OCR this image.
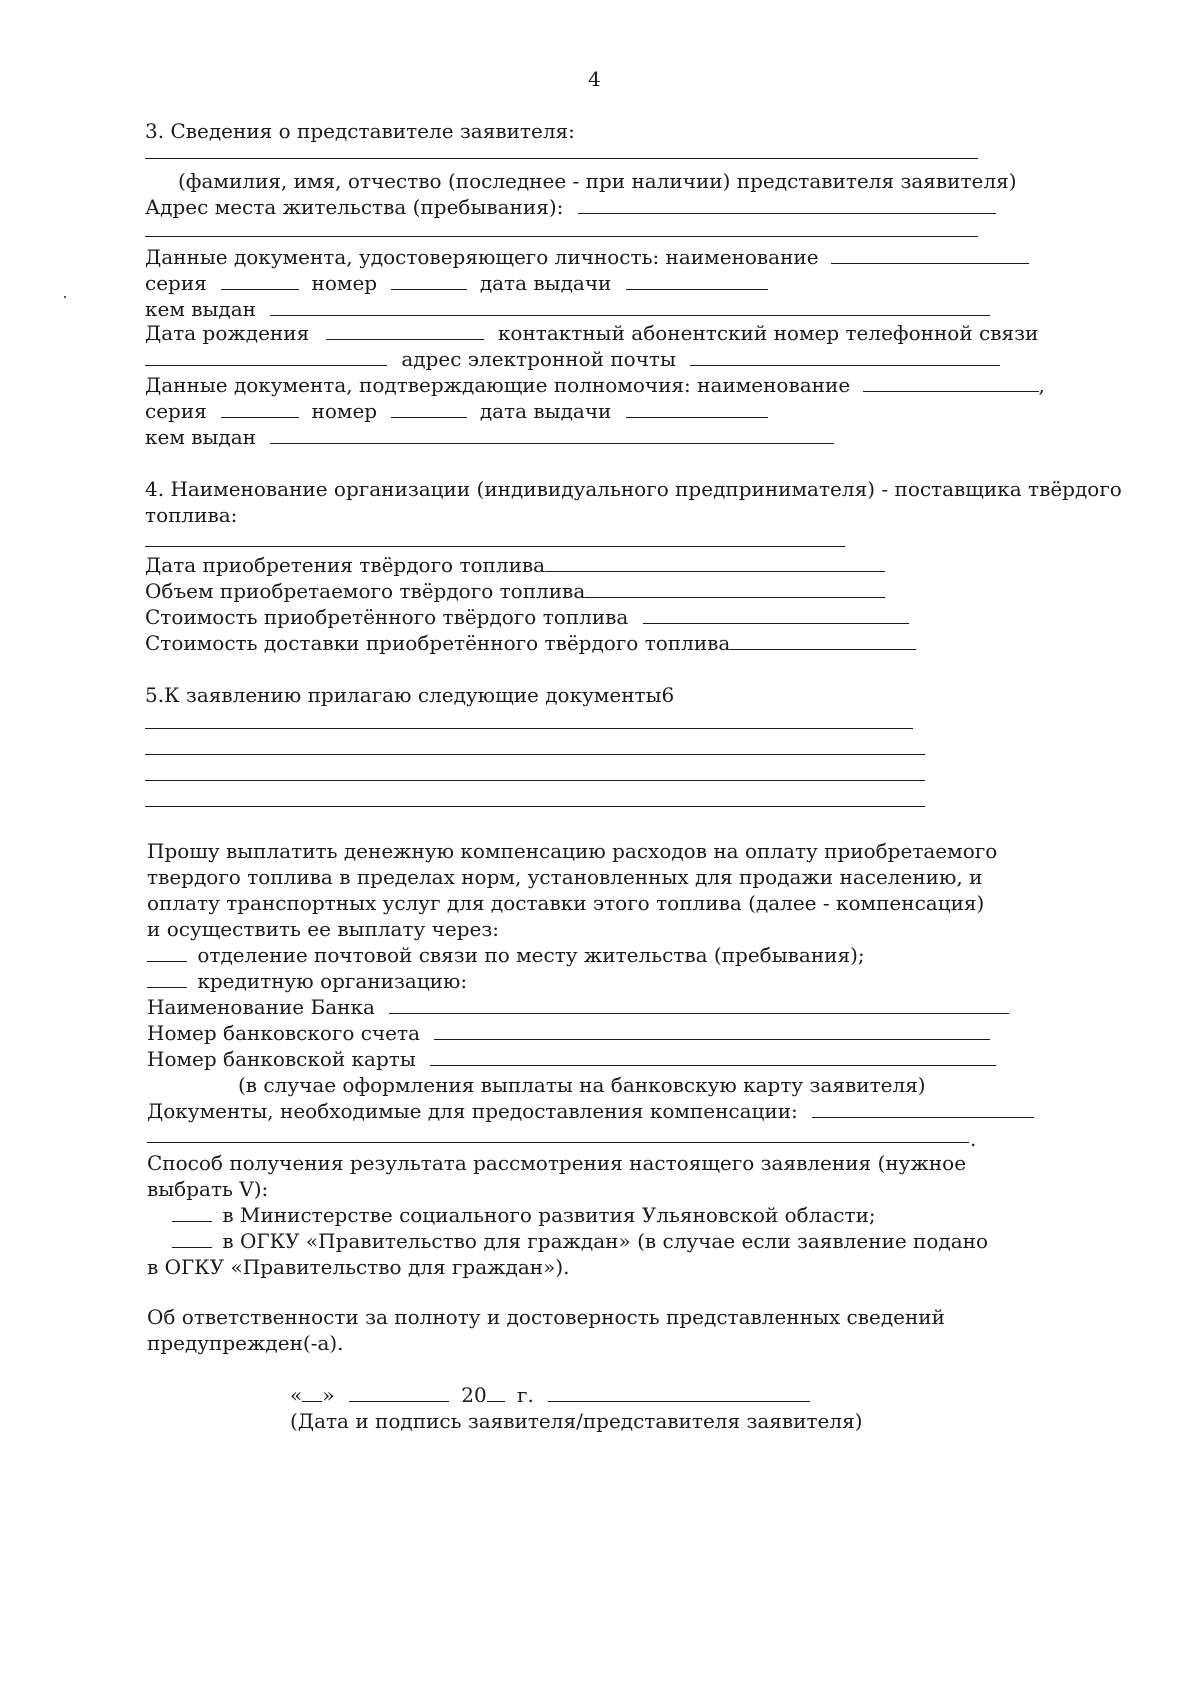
4
3. Сведения о представителе заявителя:
(фамилия, имя, отчество (последнее - при наличии) представителя заявителя)
Адрес места жительства (пребывания):
Данные документа, удостоверяющего личность: наименование
серия	номер	дата выдачи
кем выдан
Дата рождения	контактный абонентский номер телефонной связи
адрес электронной почты
Данные документа, подтверждающие полномочия: наименование	,
серия	номер	дата выдачи
кем выдан
4. Наименование организации (индивидуального предпринимателя) - поставщика твёрдого
топлива:
Дата приобретения твёрдого топлива
Объем приобретаемого твёрдого топлива
Стоимость приобретённого твёрдого топлива
Стоимость доставки приобретённого твёрдого топлива
5.К заявлению прилагаю следующие документы6
Прошу выплатить денежную компенсацию расходов на оплату приобретаемого
твердого топлива в пределах норм, установленных для продажи населению, и
оплату транспортных услуг для доставки этого топлива (далее - компенсация)
и осуществить ее выплату через:
отделение почтовой связи по месту жительства (пребывания);
кредитную организацию:
Наименование Банка
Номер банковского счета
Номер банковской карты
(в случае оформления выплаты на банковскую карту заявителя)
Документы, необходимые для предоставления компенсации:
.
Способ получения результата рассмотрения настоящего заявления (нужное
выбрать V):
в Министерстве социального развития Ульяновской области;
в ОГКУ «Правительство для граждан» (в случае если заявление подано
в ОГКУ «Правительство для граждан»).
Об ответственности за полноту и достоверность представленных сведений
предупрежден(-а).
« »	20 г.
(Дата и подпись заявителя/представителя заявителя)
